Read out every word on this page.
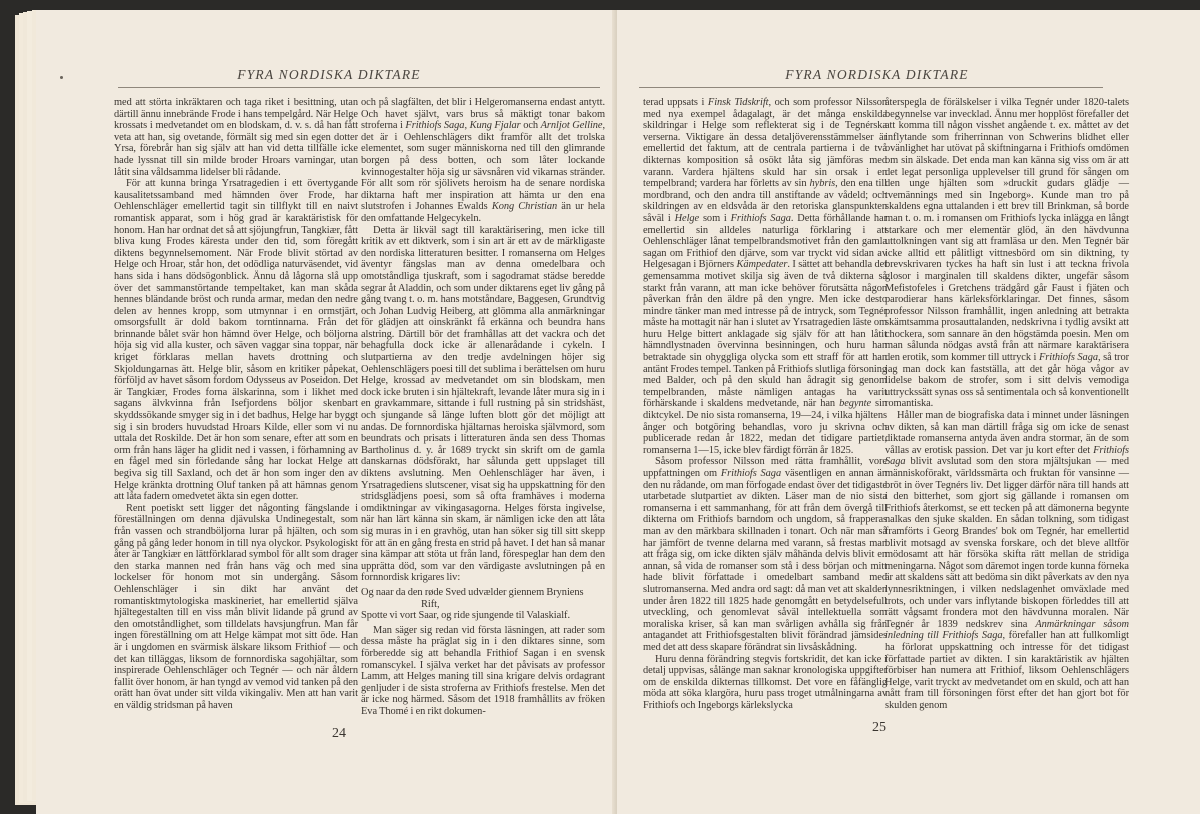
FYRA NORDISKA DIKTARE

med att störta inkräktaren och taga riket i besittning, utan därtill ännu innebrände Frode i hans tempelgård. När Helge krossats i medvetandet om en blodskam, d. v. s. då han fått veta att han, sig ovetande, förmält sig med sin egen dotter Yrsa, förebrår han sig själv att han vid detta tillfälle icke hade lyssnat till sin milde broder Hroars varningar, utan låtit sina våldsamma lidelser bli rådande.

För att kunna bringa Yrsatragedien i ett övertygande kausalitetssamband med hämnden över Frode, har Oehlenschläger emellertid tagit sin tillflykt till en naivt romantisk apparat, som i hög grad är karaktäristisk för honom. Han har ordnat det så att sjöjungfrun, Tangkiær, fått bliva kung Frodes käresta under den tid, som föregått diktens begynnelsemoment. När Frode blivit störtad av Helge och Hroar, står hon, det odödliga naturväsendet, vid hans sida i hans dödsögonblick. Ännu då lågorna slå upp över det sammanstörtande tempeltaket, kan man skåda hennes bländande bröst och runda armar, medan den nedre delen av hennes kropp, som utmynnar i en ormstjärt, omsorgsfullt är dold bakom torntinnarna. Från det brinnande bålet svär hon hämnd över Helge, och böljorna höja sig vid alla kuster, och säven vaggar sina toppar, när kriget förklaras mellan havets drottning och Skjoldungarnas ätt. Helge blir, såsom en kritiker påpekat, förföljd av havet såsom fordom Odysseus av Poseidon. Det är Tangkiær, Frodes forna älskarinna, som i likhet med sagans älvkvinna från Isefjordens böljor skenbart skyddssökande smyger sig in i det badhus, Helge har byggt sig i sin broders huvudstad Hroars Kilde, eller som vi nu uttala det Roskilde. Det är hon som senare, efter att som en orm från hans läger ha glidit ned i vassen, i förhamning av en fågel med sin förledande sång har lockat Helge att begiva sig till Saxland, och det är hon som inger den av Helge kränkta drottning Oluf tanken på att hämnas genom att låta fadern omedvetet äkta sin egen dotter.

Rent poetiskt sett ligger det någonting fängslande i föreställningen om denna djävulska Undinegestalt, som från vassen och strandböljorna lurar på hjälten, och som gång på gång leder honom in till nya olyckor. Psykologiskt åter är Tangkiær en lättförklarad symbol för allt som drager den starka mannen ned från hans väg och med sina lockelser för honom mot sin undergång. Såsom Oehlenschläger i sin dikt har använt det romantisktmytologiska maskineriet, har emellertid själva hjältegestalten till en viss mån blivit lidande på grund av den omotståndlighet, som tilldelats havsjungfrun. Man får ingen föreställning om att Helge kämpat mot sitt öde. Han är i ungdomen en svärmisk älskare liksom Frithiof — och det kan tilläggas, liksom de fornnordiska sagohjältar, som inspirerade Oehlenschläger och Tegnér — och när åldern fallit över honom, är han tyngd av vemod vid tanken på den orätt han övat under sitt vilda vikingaliv. Men att han varit en väldig stridsman på haven

och på slagfälten, det blir i Helgeromanserna endast antytt. Och havet självt, vars brus så mäktigt tonar bakom stroferna i Frithiofs Saga, Kung Fjalar och Arnljot Gelline, det är i Oehlenschlägers dikt framför allt det trolska elementet, som suger människorna ned till den glimrande borgen på dess botten, och som låter lockande kvinnogestalter höja sig ur sävsnåren vid vikarnas stränder. För allt som rör sjölivets heroism ha de senare nordiska diktarna haft mer inspiration att hämta ur den ena slutstrofen i Johannes Ewalds Kong Christian än ur hela den omfattande Helgecykeln.

Detta är likväl sagt till karaktärisering, men icke till kritik av ett diktverk, som i sin art är ett av de märkligaste den nordiska litteraturen besitter. I romanserna om Helges äventyr fängslas man av denna omedelbara och omotståndliga tjuskraft, som i sagodramat städse beredde segrar åt Aladdin, och som under diktarens eget liv gång på gång tvang t. o. m. hans motståndare, Baggesen, Grundtvig och Johan Ludvig Heiberg, att glömma alla anmärkningar för glädjen att oinskränkt få erkänna och beundra hans alstring. Därtill bör det framhållas att det vackra och det behagfulla dock icke är allenarådande i cykeln. I slutpartierna av den tredje avdelningen höjer sig Oehlenschlägers poesi till det sublima i berättelsen om huru Helge, krossad av medvetandet om sin blodskam, men dock icke bruten i sin hjältekraft, levande låter mura sig in i en gravkammare, sittande i full rustning på sin stridshäst, och sjungande så länge luften blott gör det möjligt att andas. De fornnordiska hjältarnas heroiska självmord, som beundrats och prisats i litteraturen ända sen dess Thomas Bartholinus d. y. år 1689 tryckt sin skrift om de gamla danskarnas dödsförakt, har sålunda gett uppslaget till diktens avslutning. Men Oehlenschläger har även, i Yrsatragediens slutscener, visat sig ha uppskattning för den stridsglädjens poesi, som så ofta framhäves i moderna omdiktningar av vikingasagorna. Helges första ingivelse, när han lärt känna sin skam, är nämligen icke den att låta sig muras in i en gravhög, utan han söker sig till sitt skepp för att än en gång fresta en strid på havet. I det han så manar sina kämpar att stöta ut från land, förespeglar han dem den upprätta död, som var den värdigaste avslutningen på en fornnordisk krigares liv:

Og naar da den røde Sved udvælder giennem Bryniens
Rift,
Spotte vi vort Saar, og ride sjungende til Valaskialf.

Man säger sig redan vid första läsningen, att rader som dessa måste ha präglat sig in i den diktares sinne, som förberedde sig att behandla Frithiof Sagan i en svensk romanscykel. I själva verket har det påvisats av professor Lamm, att Helges maning till sina krigare delvis ordagrant genljuder i de sista stroferna av Frithiofs frestelse. Men det är icke nog härmed. Såsom det 1918 framhållits av fröken Eva Thomé i en rikt dokumen-

24
FYRA NORDISKA DIKTARE

terad uppsats i Finsk Tidskrift, och som professor Nilsson med nya exempel ådagalagt, är det många enskilda skildringar i Helge som reflekterat sig i de Tegnérska verserna. Viktigare än dessa detaljöverensstämmelser är emellertid det faktum, att de centrala partierna i de två dikternas komposition så osökt låta sig jämföras med varann. Vardera hjältens skuld har sin orsak i en tempelbrand; vardera har förletts av sin hybris, den ena till mordbrand, och den andra till anstiftande av vådeld; och skildringen av en eldsvåda är den retoriska glanspunkten såväl i Helge som i Frithiofs Saga. Detta förhållande har emellertid sin alldeles naturliga förklaring i att Oehlenschläger lånat tempelbrandsmotivet från den gamla sagan om Frithiof den djärve, som var tryckt vid sidan av Helgesagan i Björners Kämpedater. I sättet att behandla det gemensamma motivet skilja sig även de två dikterna så starkt från varann, att man icke behöver förutsätta någon påverkan från den äldre på den yngre. Men icke desto mindre tänker man med intresse på de intryck, som Tegnér måste ha mottagit när han i slutet av Yrsatragedien läste om huru Helge bittert anklagade sig själv för att han låtit hämndlystnaden övervinna besinningen, och huru han betraktade sin ohyggliga olycka som ett straff för att han antänt Frodes tempel. Tanken på Frithiofs slutliga försoning med Balder, och på den skuld han ådragit sig genom tempelbranden, måste nämligen antagas ha varit förhärskande i skaldens medvetande, när han begynte sin diktcykel. De nio sista romanserna, 19—24, i vilka hjältens ånger och botgöring behandlas, voro ju skrivna och publicerade redan år 1822, medan det tidigare partiet, romanserna 1—15, icke blev färdigt förrän år 1825.

Såsom professor Nilsson med rätta framhållit, vore uppfattningen om Frithiofs Saga väsentligen en annan än den nu rådande, om man förfogade endast över det tidigaste utarbetade slutpartiet av dikten. Läser man de nio sista romanserna i ett sammanhang, för att från dem övergå till dikterna om Frithiofs barndom och ungdom, så frapperas man av den märkbara skillnaden i tonart. Och när man så har jämfört de tvenne delarna med varann, så frestas man att fråga sig, om icke dikten själv måhända delvis blivit en annan, så vida de romanser som stå i dess början och mitt hade blivit författade i omedelbart samband med slutromanserna. Med andra ord sagt: då man vet att skalden under åren 1822 till 1825 hade genomgått en betydelsefull utveckling, och genomlevat såväl intellektuella som moraliska kriser, så kan man svårligen avhålla sig från antagandet att Frithiofsgestalten blivit förändrad jämsides med det att dess skapare förändrat sin livsåskådning.

Huru denna förändring stegvis fortskridit, det kan icke i detalj uppvisas, sålänge man saknar kronologiska uppgifter om de enskilda dikternas tillkomst. Det vore en fåfänglig möda att söka klargöra, huru pass troget utmålningarna av Frithiofs och Ingeborgs kärlekslycka

återspegla de förälskelser i vilka Tegnér under 1820-talets begynnelse var invecklad. Ännu mer hopplöst förefaller det att komma till någon visshet angående t. ex. måttet av det inflytande som friherrinnan von Schwerins blidhet eller ovänlighet har utövat på skiftningarna i Frithiofs omdömen om sin älskade. Det enda man kan känna sig viss om är att det legat personliga upplevelser till grund för sången om den unge hjälten som »druckit gudars glädje — tvemännings med sin Ingeborg». Kunde man tro på skaldens egna uttalanden i ett brev till Brinkman, så borde man t. o. m. i romansen om Frithiofs lycka inlägga en långt starkare och mer elementär glöd, än den hävdvunna uttolkningen vant sig att framläsa ur den. Men Tegnér bär icke alltid ett pålitligt vittnesbörd om sin diktning, ty brevskrivaren tyckes ha haft sin lust i att teckna frivola glosor i marginalen till skaldens dikter, ungefär såsom Mefistofeles i Gretchens trädgård går Faust i fjäten och parodierar hans kärleksförklaringar. Det finnes, såsom professor Nilsson framhållit, ingen anledning att betrakta skämtsamma prosauttalanden, nedskrivna i tydlig avsikt att chockera, som sannare än den högstämda poesin. Men om man sålunda nödgas avstå från att närmare karaktärisera den erotik, som kommer till uttryck i Frithiofs Saga, så tror jag man dock kan fastställa, att det går höga vågor av lidelse bakom de strofer, som i sitt delvis vemodiga uttryckssätt synas oss så sentimentala och så konventionellt romantiska.

Håller man de biografiska data i minnet under läsningen av dikten, så kan man därtill fråga sig om icke de senast diktade romanserna antyda även andra stormar, än de som vållas av erotisk passion. Det var ju kort efter det Frithiofs Saga blivit avslutad som den stora mjältsjukan — med människoförakt, världssmärta och fruktan för vansinne — bröt in över Tegnérs liv. Det ligger därför nära till hands att i den bitterhet, som gjort sig gällande i romansen om Frithiofs återkomst, se ett tecken på att dämonerna begynte nalkas den sjuke skalden. En sådan tolkning, som tidigast framförts i Georg Brandes' bok om Tegnér, har emellertid blivit motsagd av svenska forskare, och det bleve alltför mödosamt att här försöka skifta rätt mellan de stridiga meningarna. Något som däremot ingen torde kunna förneka är att skaldens sätt att bedöma sin dikt påverkats av den nya lynnesriktningen, i vilken nedslagenhet omväxlade med trots, och under vars inflytande biskopen förleddes till att rätt vågsamt frondera mot den hävdvunna moralen. När Tegnér år 1839 nedskrev sina Anmärkningar såsom inledning till Frithiofs Saga, förefaller han att fullkomligt ha förlorat uppskattning och intresse för det tidigast författade partiet av dikten. I sin karaktäristik av hjälten förbiser han numera att Frithiof, liksom Oehlenschlägers Helge, varit tryckt av medvetandet om en skuld, och att han nått fram till försoningen först efter det han gjort bot för skulden genom

25
